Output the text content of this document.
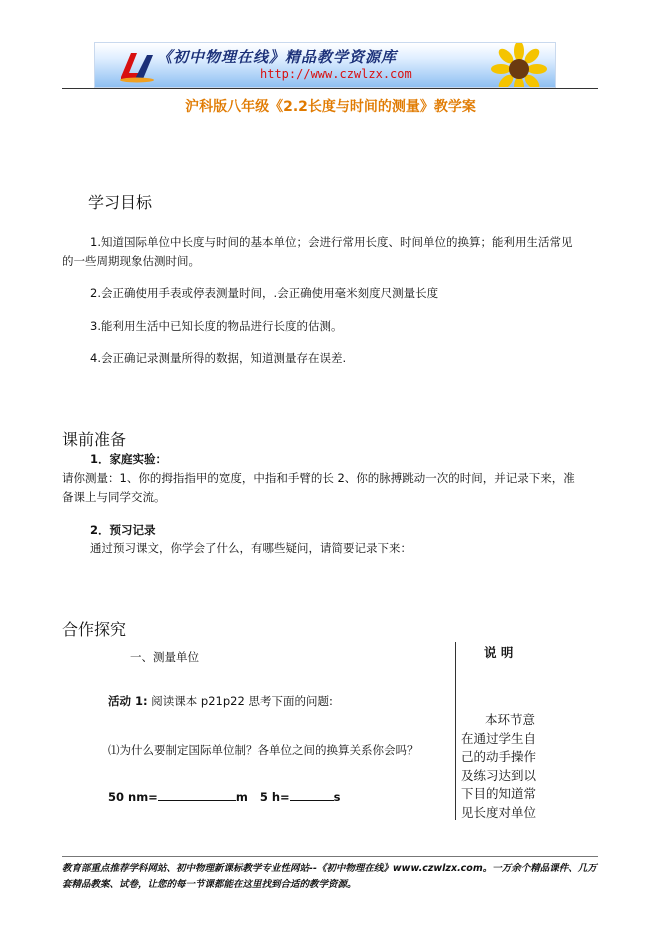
《初中物理在线》精品教学资源库
http://www.czwlzx.com
沪科版八年级《2.2长度与时间的测量》教学案
学习目标
1.知道国际单位中长度与时间的基本单位；会进行常用长度、时间单位的换算；能利用生活常见的一些周期现象估测时间。
2.会正确使用手表或停表测量时间，.会正确使用毫米刻度尺测量长度
3.能利用生活中已知长度的物品进行长度的估测。
4.会正确记录测量所得的数据，知道测量存在误差.
课前准备
1．家庭实验：
请你测量：1、你的拇指指甲的宽度，中指和手臂的长 2、你的脉搏跳动一次的时间，并记录下来，准备课上与同学交流。
2．预习记录
通过预习课文，你学会了什么，有哪些疑问，请简要记录下来：
合作探究
一、测量单位	说 明
活动 1: 阅读课本 p21p22 思考下面的问题:
⑴为什么要制定国际单位制？各单位之间的换算关系你会吗？
50 nm=	m 5 h=	s
本环节意在通过学生自己的动手操作及练习达到以下目的知道常见长度对单位
教育部重点推荐学科网站、初中物理新课标教学专业性网站--《初中物理在线》www.czwlzx.com。一万余个精品课件、几万套精品教案、试卷，让您的每一节课都能在这里找到合适的教学资源。
